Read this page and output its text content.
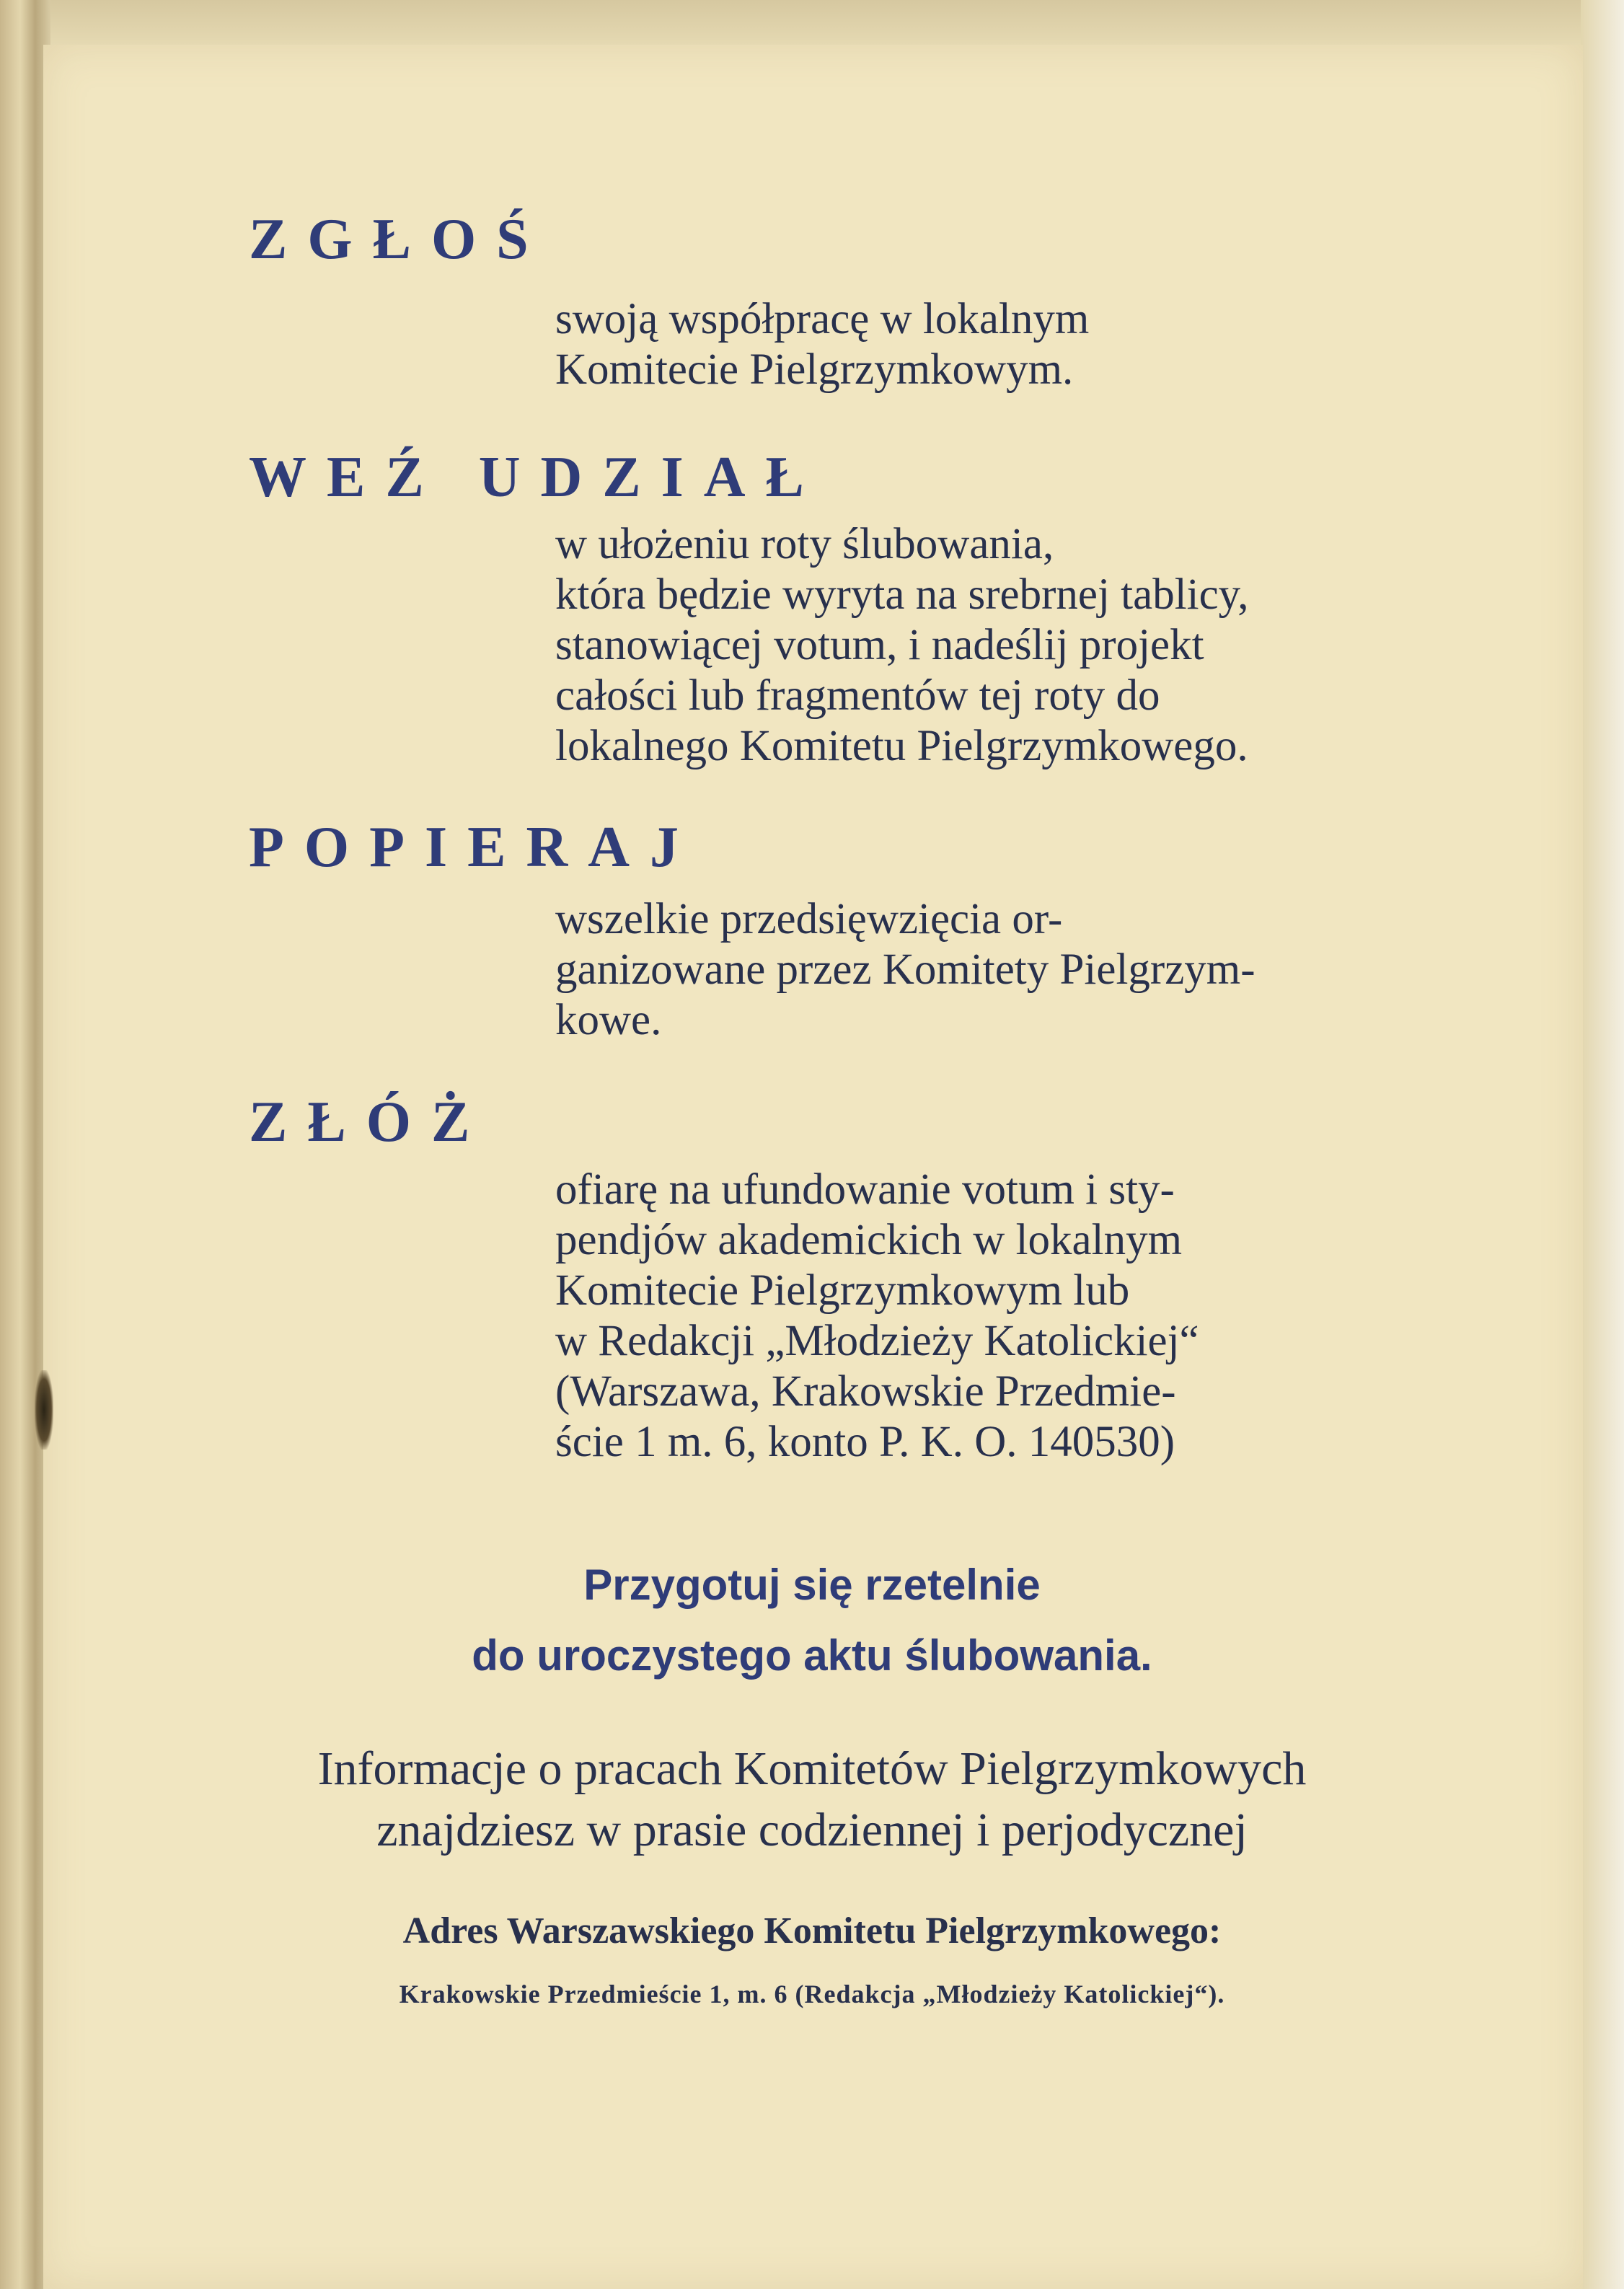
ZGŁOŚ

swoją współpracę w lokalnym

Komitecie Pielgrzymkowym.

WEŹ UDZIAŁ

w ułożeniu roty ślubowania,

która będzie wyryta na srebrnej tablicy,

stanowiącej votum, i nadeślij projekt

całości lub fragmentów tej roty do

lokalnego Komitetu Pielgrzymkowego.

POPIERAJ

wszelkie przedsięwzięcia or-

ganizowane przez Komitety Pielgrzym-

kowe.

ZŁÓŻ

ofiarę na ufundowanie votum i sty-

pendjów akademickich w lokalnym

Komitecie Pielgrzymkowym lub

w Redakcji „Młodzieży Katolickiej“

(Warszawa, Krakowskie Przedmie-

ście 1 m. 6, konto P. K. O. 140530)

Przygotuj się rzetelnie
do uroczystego aktu ślubowania.
Informacje o pracach Komitetów Pielgrzymkowych
znajdziesz w prasie codziennej i perjodycznej
Adres Warszawskiego Komitetu Pielgrzymkowego:
Krakowskie Przedmieście 1, m. 6 (Redakcja „Młodzieży Katolickiej“).
